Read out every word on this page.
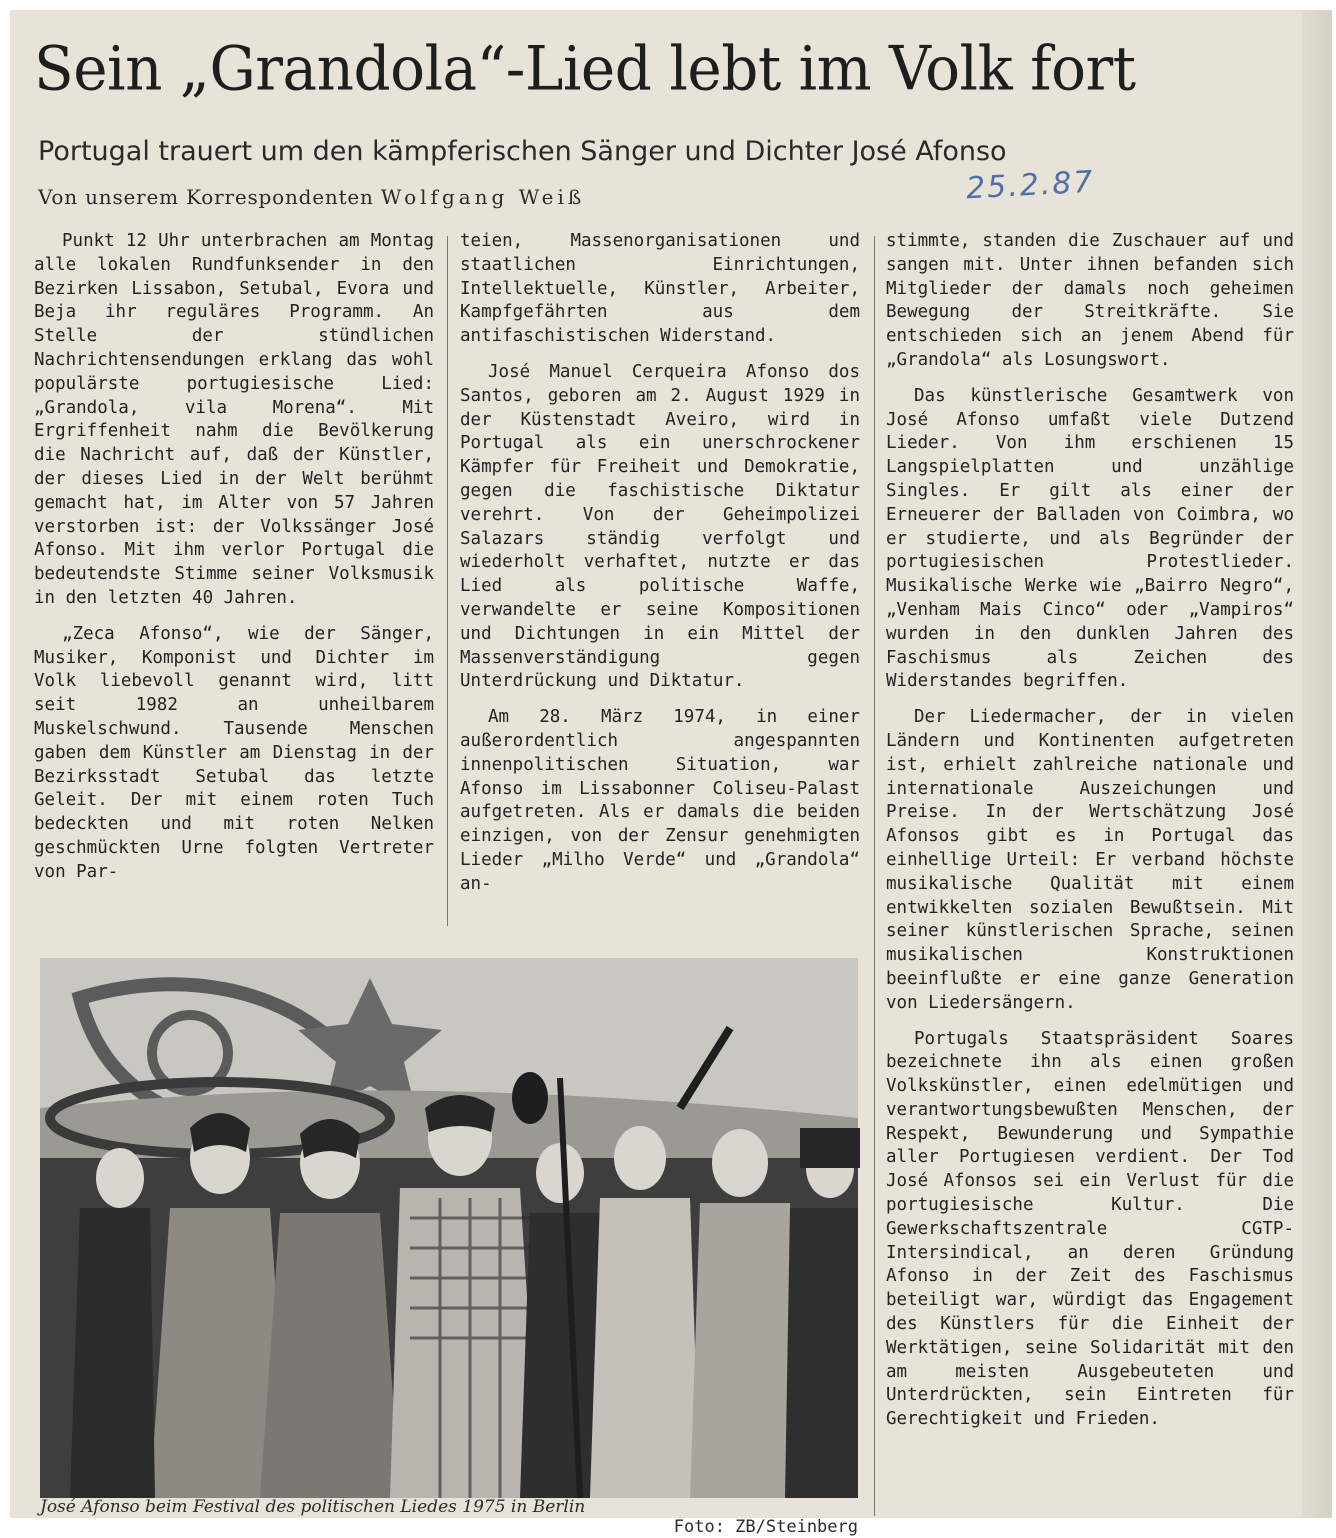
Sein „Grandola“-Lied lebt im Volk fort
Portugal trauert um den kämpferischen Sänger und Dichter José Afonso
Von unserem Korrespondenten Wolfgang Weiß	25.2.87

Punkt 12 Uhr unterbrachen am Montag alle lokalen Rundfunksender in den Bezirken Lissabon, Setubal, Evora und Beja ihr reguläres Programm. An Stelle der stündlichen Nachrichtensendungen erklang das wohl populärste portugiesische Lied: „Grandola, vila Morena“. Mit Ergriffenheit nahm die Bevölkerung die Nachricht auf, daß der Künstler, der dieses Lied in der Welt berühmt gemacht hat, im Alter von 57 Jahren verstorben ist: der Volkssänger José Afonso. Mit ihm verlor Portugal die bedeutendste Stimme seiner Volksmusik in den letzten 40 Jahren.

„Zeca Afonso“, wie der Sänger, Musiker, Komponist und Dichter im Volk liebevoll genannt wird, litt seit 1982 an unheilbarem Muskelschwund. Tausende Menschen gaben dem Künstler am Dienstag in der Bezirksstadt Setubal das letzte Geleit. Der mit einem roten Tuch bedeckten und mit roten Nelken geschmückten Urne folgten Vertreter von Par-

teien, Massenorganisationen und staatlichen Einrichtungen, Intellektuelle, Künstler, Arbeiter, Kampfgefährten aus dem antifaschistischen Widerstand.

José Manuel Cerqueira Afonso dos Santos, geboren am 2. August 1929 in der Küstenstadt Aveiro, wird in Portugal als ein unerschrockener Kämpfer für Freiheit und Demokratie, gegen die faschistische Diktatur verehrt. Von der Geheimpolizei Salazars ständig verfolgt und wiederholt verhaftet, nutzte er das Lied als politische Waffe, verwandelte er seine Kompositionen und Dichtungen in ein Mittel der Massenverständigung gegen Unterdrückung und Diktatur.

Am 28. März 1974, in einer außerordentlich angespannten innenpolitischen Situation, war Afonso im Lissabonner Coliseu-Palast aufgetreten. Als er damals die beiden einzigen, von der Zensur genehmigten Lieder „Milho Verde“ und „Grandola“ an-

stimmte, standen die Zuschauer auf und sangen mit. Unter ihnen befanden sich Mitglieder der damals noch geheimen Bewegung der Streitkräfte. Sie entschieden sich an jenem Abend für „Grandola“ als Losungswort.

Das künstlerische Gesamtwerk von José Afonso umfaßt viele Dutzend Lieder. Von ihm erschienen 15 Langspielplatten und unzählige Singles. Er gilt als einer der Erneuerer der Balladen von Coimbra, wo er studierte, und als Begründer der portugiesischen Protestlieder. Musikalische Werke wie „Bairro Negro“, „Venham Mais Cinco“ oder „Vampiros“ wurden in den dunklen Jahren des Faschismus als Zeichen des Widerstandes begriffen.

Der Liedermacher, der in vielen Ländern und Kontinenten aufgetreten ist, erhielt zahlreiche nationale und internationale Auszeichungen und Preise. In der Wertschätzung José Afonsos gibt es in Portugal das einhellige Urteil: Er verband höchste musikalische Qualität mit einem entwikkelten sozialen Bewußtsein. Mit seiner künstlerischen Sprache, seinen musikalischen Konstruktionen beeinflußte er eine ganze Generation von Liedersängern.

Portugals Staatspräsident Soares bezeichnete ihn als einen großen Volkskünstler, einen edelmütigen und verantwortungsbewußten Menschen, der Respekt, Bewunderung und Sympathie aller Portugiesen verdient. Der Tod José Afonsos sei ein Verlust für die portugiesische Kultur. Die Gewerkschaftszentrale CGTP-Intersindical, an deren Gründung Afonso in der Zeit des Faschismus beteiligt war, würdigt das Engagement des Künstlers für die Einheit der Werktätigen, seine Solidarität mit den am meisten Ausgebeuteten und Unterdrückten, sein Eintreten für Gerechtigkeit und Frieden.

José Afonso beim Festival des politischen Liedes 1975 in Berlin
Foto: ZB/Steinberg
